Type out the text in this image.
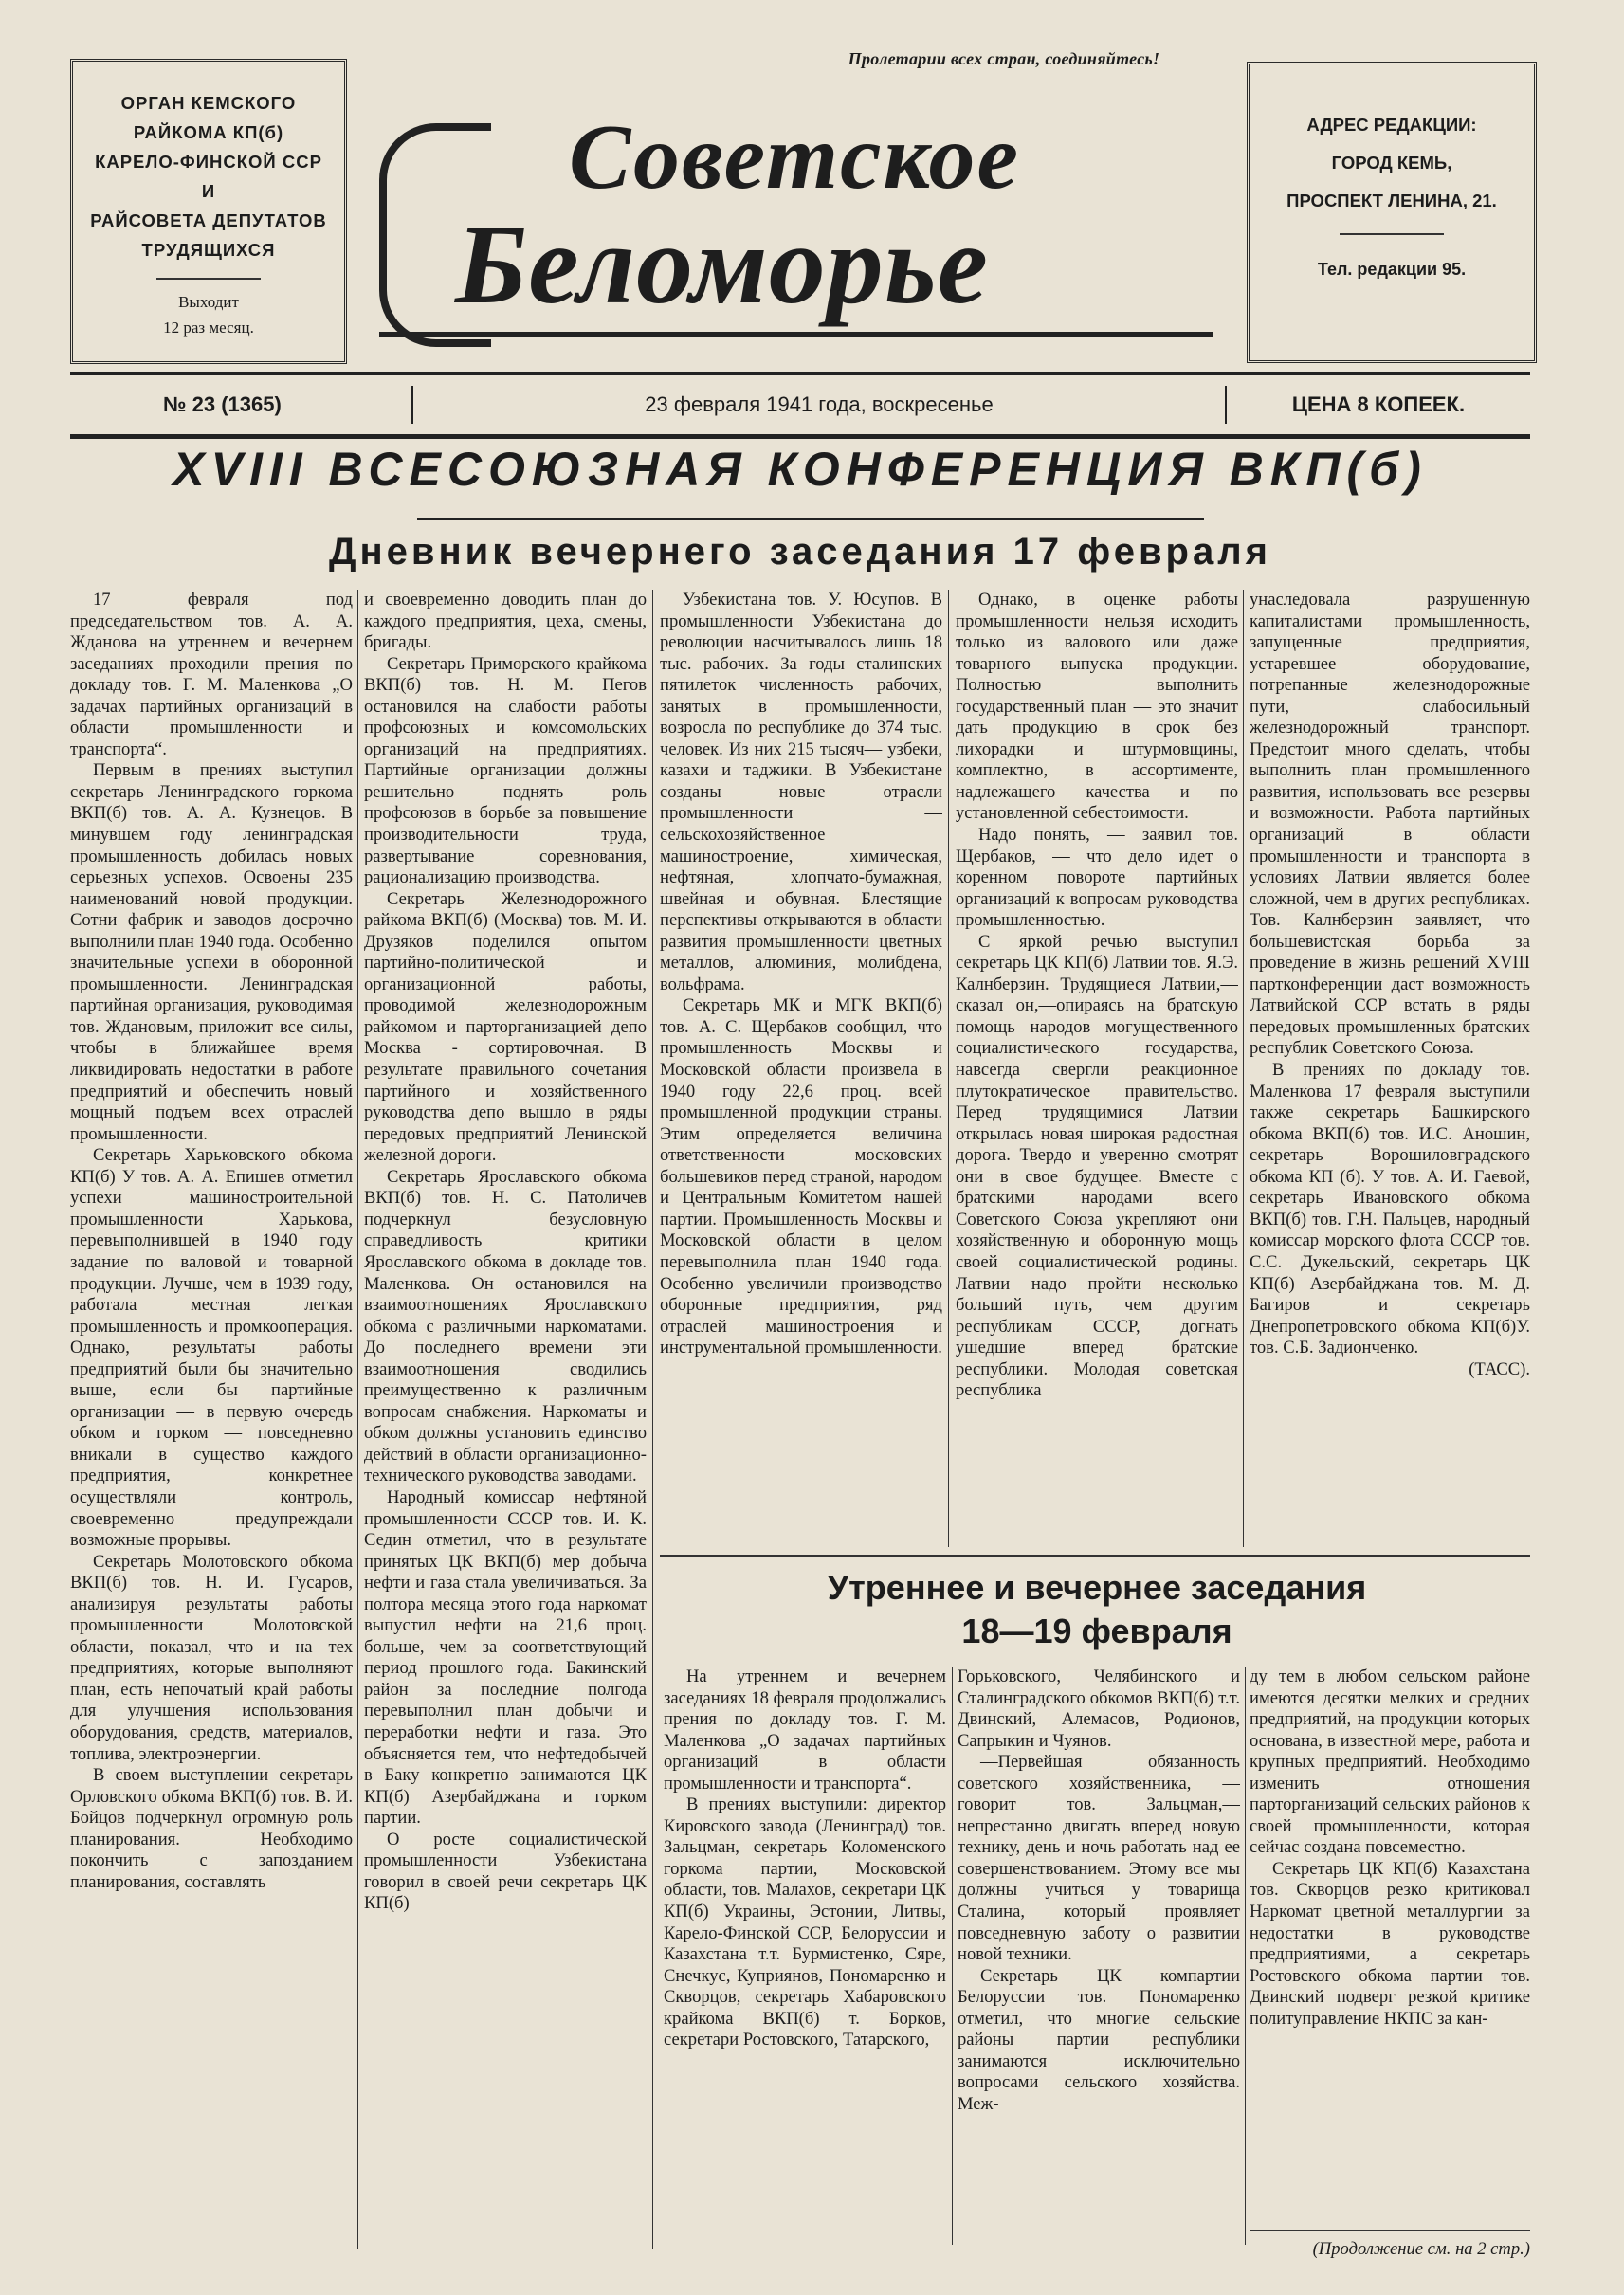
Пролетарии всех стран, соединяйтесь!
ОРГАН КЕМСКОГО
РАЙКОМА КП(б)
КАРЕЛО-ФИНСКОЙ ССР
И
РАЙСОВЕТА ДЕПУТАТОВ
ТРУДЯЩИХСЯ
Выходит
12 раз месяц.
Советское
Беломорье
АДРЕС РЕДАКЦИИ:
ГОРОД КЕМЬ,
ПРОСПЕКТ ЛЕНИНА, 21.
Тел. редакции 95.
№ 23 (1365)	23 февраля 1941 года, воскресенье	ЦЕНА 8 КОПЕЕК.
XVIII ВСЕСОЮЗНАЯ КОНФЕРЕНЦИЯ ВКП(б)
Дневник вечернего заседания 17 февраля

17 февраля под председательством тов. А. А. Жданова на утреннем и вечернем заседаниях проходили прения по докладу тов. Г. М. Маленкова „О задачах партийных организаций в области промышленности и транспорта“.

Первым в прениях выступил секретарь Ленинградского горкома ВКП(б) тов. А. А. Кузнецов. В минувшем году ленинградская промышленность добилась новых серьезных успехов. Освоены 235 наименований новой продукции. Сотни фабрик и заводов досрочно выполнили план 1940 года. Особенно значительные успехи в оборонной промышленности. Ленинградская партийная организация, руководимая тов. Ждановым, приложит все силы, чтобы в ближайшее время ликвидировать недостатки в работе предприятий и обеспечить новый мощный подъем всех отраслей промышленности.

Секретарь Харьковского обкома КП(б) У тов. А. А. Епишев отметил успехи машиностроительной промышленности Харькова, перевыполнившей в 1940 году задание по валовой и товарной продукции. Лучше, чем в 1939 году, работала местная легкая промышленность и промкооперация. Однако, результаты работы предприятий были бы значительно выше, если бы партийные организации — в первую очередь обком и горком — повседневно вникали в существо каждого предприятия, конкретнее осуществляли контроль, своевременно предупреждали возможные прорывы.

Секретарь Молотовского обкома ВКП(б) тов. Н. И. Гусаров, анализируя результаты работы промышленности Молотовской области, показал, что и на тех предприятиях, которые выполняют план, есть непочатый край работы для улучшения использования оборудования, средств, материалов, топлива, электроэнергии.

В своем выступлении секретарь Орловского обкома ВКП(б) тов. В. И. Бойцов подчеркнул огромную роль планирования. Необходимо покончить с запозданием планирования, составлять

и своевременно доводить план до каждого предприятия, цеха, смены, бригады.

Секретарь Приморского крайкома ВКП(б) тов. Н. М. Пегов остановился на слабости работы профсоюзных и комсомольских организаций на предприятиях. Партийные организации должны решительно поднять роль профсоюзов в борьбе за повышение производительности труда, развертывание соревнования, рационализацию производства.

Секретарь Железнодорожного райкома ВКП(б) (Москва) тов. М. И. Друзяков поделился опытом партийно-политической и организационной работы, проводимой железнодорожным райкомом и парторганизацией депо Москва - сортировочная. В результате правильного сочетания партийного и хозяйственного руководства депо вышло в ряды передовых предприятий Ленинской железной дороги.

Секретарь Ярославского обкома ВКП(б) тов. Н. С. Патоличев подчеркнул безусловную справедливость критики Ярославского обкома в докладе тов. Маленкова. Он остановился на взаимоотношениях Ярославского обкома с различными наркоматами. До последнего времени эти взаимоотношения сводились преимущественно к различным вопросам снабжения. Наркоматы и обком должны установить единство действий в области организационно-технического руководства заводами.

Народный комиссар нефтяной промышленности СССР тов. И. К. Седин отметил, что в результате принятых ЦК ВКП(б) мер добыча нефти и газа стала увеличиваться. За полтора месяца этого года наркомат выпустил нефти на 21,6 проц. больше, чем за соответствующий период прошлого года. Бакинский район за последние полгода перевыполнил план добычи и переработки нефти и газа. Это объясняется тем, что нефтедобычей в Баку конкретно занимаются ЦК КП(б) Азербайджана и горком партии.

О росте социалистической промышленности Узбекистана говорил в своей речи секретарь ЦК КП(б)

Узбекистана тов. У. Юсупов. В промышленности Узбекистана до революции насчитывалось лишь 18 тыс. рабочих. За годы сталинских пятилеток численность рабочих, занятых в промышленности, возросла по республике до 374 тыс. человек. Из них 215 тысяч— узбеки, казахи и таджики. В Узбекистане созданы новые отрасли промышленности — сельскохозяйственное машиностроение, химическая, нефтяная, хлопчато-бумажная, швейная и обувная. Блестящие перспективы открываются в области развития промышленности цветных металлов, алюминия, молибдена, вольфрама.

Секретарь МК и МГК ВКП(б) тов. А. С. Щербаков сообщил, что промышленность Москвы и Московской области произвела в 1940 году 22,6 проц. всей промышленной продукции страны. Этим определяется величина ответственности московских большевиков перед страной, народом и Центральным Комитетом нашей партии. Промышленность Москвы и Московской области в целом перевыполнила план 1940 года. Особенно увеличили производство оборонные предприятия, ряд отраслей машиностроения и инструментальной промышленности.

Однако, в оценке работы промышленности нельзя исходить только из валового или даже товарного выпуска продукции. Полностью выполнить государственный план — это значит дать продукцию в срок без лихорадки и штурмовщины, комплектно, в ассортименте, надлежащего качества и по установленной себестоимости.

Надо понять, — заявил тов. Щербаков, — что дело идет о коренном повороте партийных организаций к вопросам руководства промышленностью.

С яркой речью выступил секретарь ЦК КП(б) Латвии тов. Я.Э. Калнберзин. Трудящиеся Латвии,—сказал он,—опираясь на братскую помощь народов могущественного социалистического государства, навсегда свергли реакционное плутократическое правительство. Перед трудящимися Латвии открылась новая широкая радостная дорога. Твердо и уверенно смотрят они в свое будущее. Вместе с братскими народами всего Советского Союза укрепляют они хозяйственную и оборонную мощь своей социалистической родины. Латвии надо пройти несколько больший путь, чем другим республикам СССР, догнать ушедшие вперед братские республики. Молодая советская республика

унаследовала разрушенную капиталистами промышленность, запущенные предприятия, устаревшее оборудование, потрепанные железнодорожные пути, слабосильный железнодорожный транспорт. Предстоит много сделать, чтобы выполнить план промышленного развития, использовать все резервы и возможности. Работа партийных организаций в области промышленности и транспорта в условиях Латвии является более сложной, чем в других республиках. Тов. Калнберзин заявляет, что большевистская борьба за проведение в жизнь решений XVIII партконференции даст возможность Латвийской ССР встать в ряды передовых промышленных братских республик Советского Союза.

В прениях по докладу тов. Маленкова 17 февраля выступили также секретарь Башкирского обкома ВКП(б) тов. И.С. Аношин, секретарь Ворошиловградского обкома КП (б). У тов. А. И. Гаевой, секретарь Ивановского обкома ВКП(б) тов. Г.Н. Пальцев, народный комиссар морского флота СССР тов. С.С. Дукельский, секретарь ЦК КП(б) Азербайджана тов. М. Д. Багиров и секретарь Днепропетровского обкома КП(б)У. тов. С.Б. Задионченко.

(ТАСС).

Утреннее и вечернее заседания
18—19 февраля

На утреннем и вечернем заседаниях 18 февраля продолжались прения по докладу тов. Г. М. Маленкова „О задачах партийных организаций в области промышленности и транспорта“.

В прениях выступили: директор Кировского завода (Ленинград) тов. Зальцман, секретарь Коломенского горкома партии, Московской области, тов. Малахов, секретари ЦК КП(б) Украины, Эстонии, Литвы, Карело-Финской ССР, Белоруссии и Казахстана т.т. Бурмистенко, Сяре, Снечкус, Куприянов, Пономаренко и Скворцов, секретарь Хабаровского крайкома ВКП(б) т. Борков, секретари Ростовского, Татарского,

Горьковского, Челябинского и Сталинградского обкомов ВКП(б) т.т. Двинский, Алемасов, Родионов, Сапрыкин и Чуянов.

—Первейшая обязанность советского хозяйственника, —говорит тов. Зальцман,— непрестанно двигать вперед новую технику, день и ночь работать над ее совершенствованием. Этому все мы должны учиться у товарища Сталина, который проявляет повседневную заботу о развитии новой техники.

Секретарь ЦК компартии Белоруссии тов. Пономаренко отметил, что многие сельские районы партии республики занимаются исключительно вопросами сельского хозяйства. Меж-

ду тем в любом сельском районе имеются десятки мелких и средних предприятий, на продукции которых основана, в известной мере, работа и крупных предприятий. Необходимо изменить отношения парторганизаций сельских районов к своей промышленности, которая сейчас создана повсеместно.

Секретарь ЦК КП(б) Казахстана тов. Скворцов резко критиковал Наркомат цветной металлургии за недостатки в руководстве предприятиями, а секретарь Ростовского обкома партии тов. Двинский подверг резкой критике политуправление НКПС за кан-

(Продолжение см. на 2 стр.)
